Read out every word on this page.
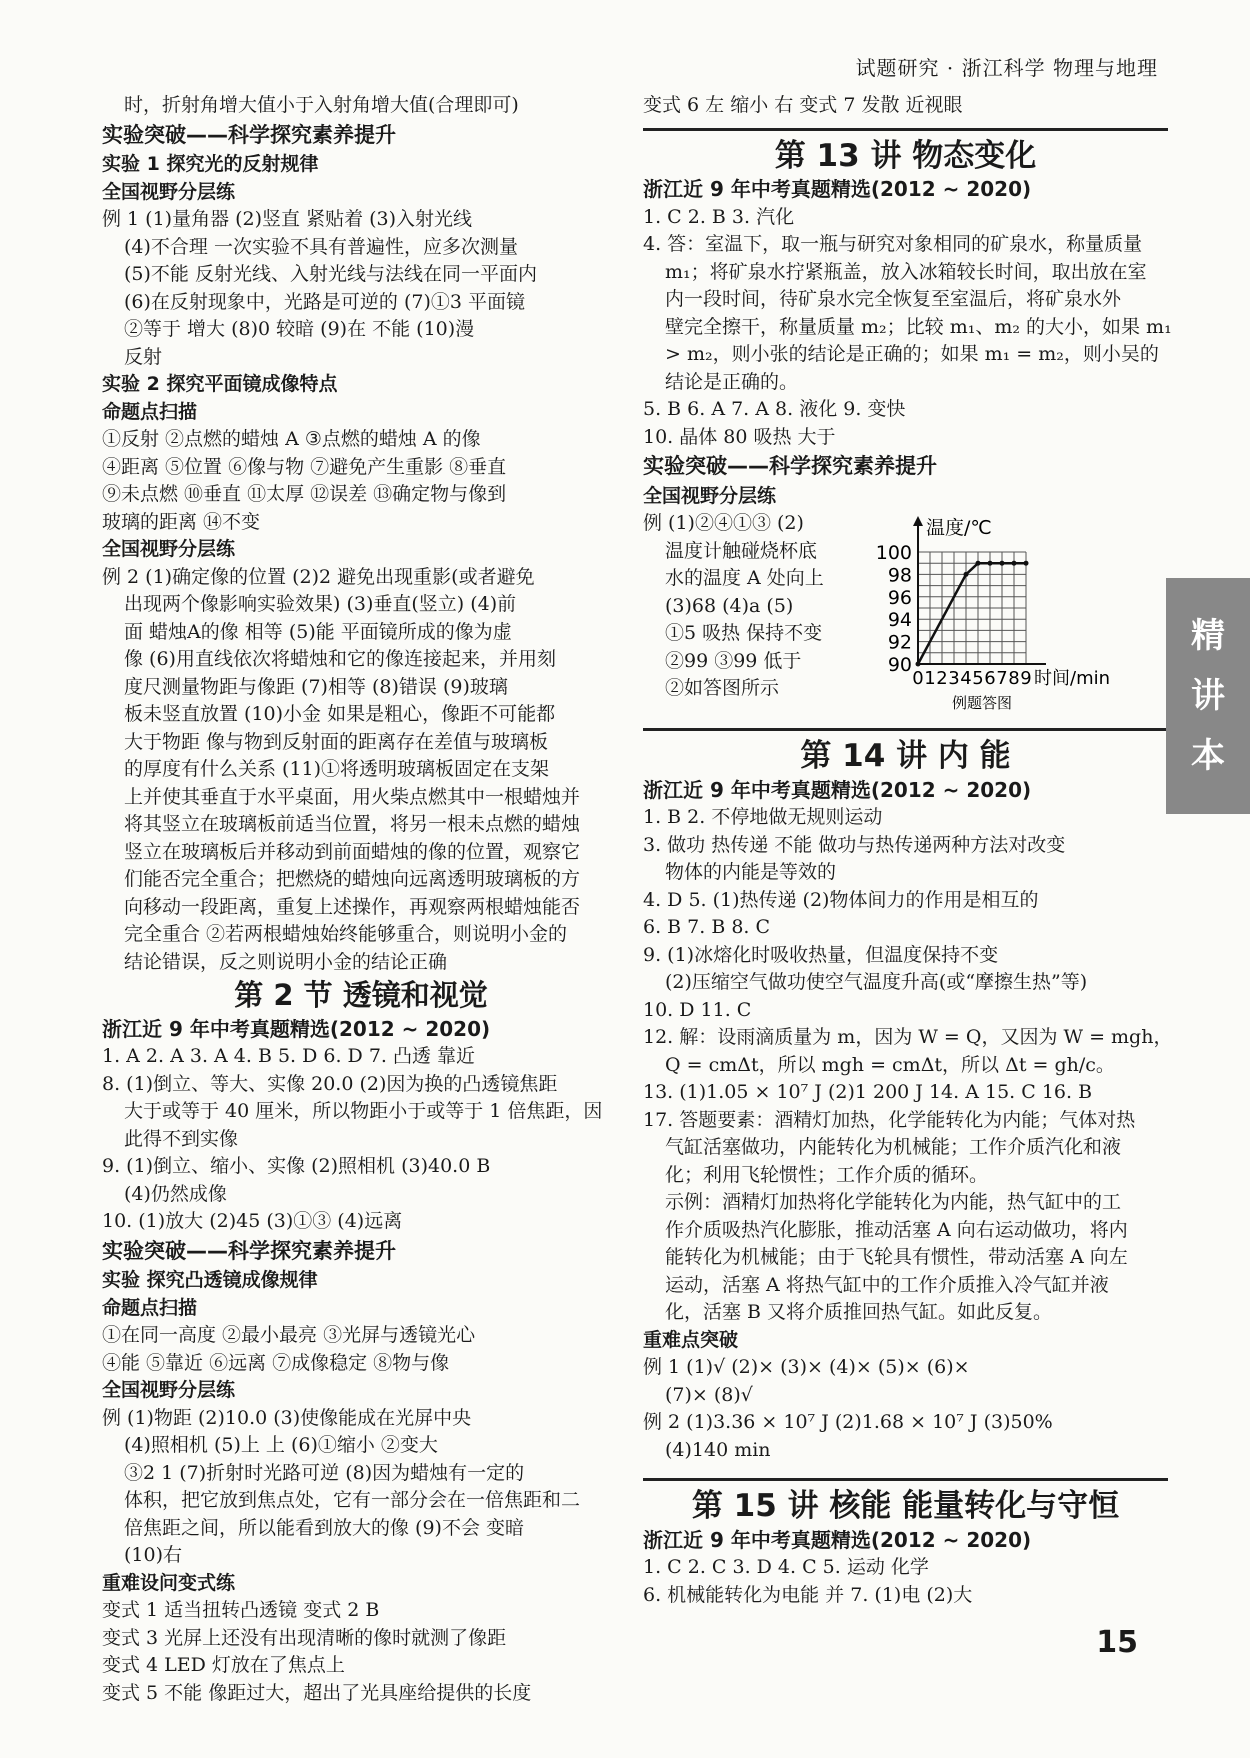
试题研究 · 浙江科学 物理与地理
时，折射角增大值小于入射角增大值(合理即可)
实验突破——科学探究素养提升
实验 1 探究光的反射规律
全国视野分层练
例 1 (1)量角器 (2)竖直 紧贴着 (3)入射光线
(4)不合理 一次实验不具有普遍性，应多次测量
(5)不能 反射光线、入射光线与法线在同一平面内
(6)在反射现象中，光路是可逆的 (7)①3 平面镜
②等于 增大 (8)0 较暗 (9)在 不能 (10)漫
反射
实验 2 探究平面镜成像特点
命题点扫描
①反射 ②点燃的蜡烛 A ③点燃的蜡烛 A 的像
④距离 ⑤位置 ⑥像与物 ⑦避免产生重影 ⑧垂直
⑨未点燃 ⑩垂直 ⑪太厚 ⑫误差 ⑬确定物与像到
玻璃的距离 ⑭不变
全国视野分层练
例 2 (1)确定像的位置 (2)2 避免出现重影(或者避免
出现两个像影响实验效果) (3)垂直(竖立) (4)前
面 蜡烛A的像 相等 (5)能 平面镜所成的像为虚
像 (6)用直线依次将蜡烛和它的像连接起来，并用刻
度尺测量物距与像距 (7)相等 (8)错误 (9)玻璃
板未竖直放置 (10)小金 如果是粗心，像距不可能都
大于物距 像与物到反射面的距离存在差值与玻璃板
的厚度有什么关系 (11)①将透明玻璃板固定在支架
上并使其垂直于水平桌面，用火柴点燃其中一根蜡烛并
将其竖立在玻璃板前适当位置，将另一根未点燃的蜡烛
竖立在玻璃板后并移动到前面蜡烛的像的位置，观察它
们能否完全重合；把燃烧的蜡烛向远离透明玻璃板的方
向移动一段距离，重复上述操作，再观察两根蜡烛能否
完全重合 ②若两根蜡烛始终能够重合，则说明小金的
结论错误，反之则说明小金的结论正确
第 2 节 透镜和视觉
浙江近 9 年中考真题精选(2012 ~ 2020)
1. A 2. A 3. A 4. B 5. D 6. D 7. 凸透 靠近
8. (1)倒立、等大、实像 20.0 (2)因为换的凸透镜焦距
大于或等于 40 厘米，所以物距小于或等于 1 倍焦距，因
此得不到实像
9. (1)倒立、缩小、实像 (2)照相机 (3)40.0 B
(4)仍然成像
10. (1)放大 (2)45 (3)①③ (4)远离
实验突破——科学探究素养提升
实验 探究凸透镜成像规律
命题点扫描
①在同一高度 ②最小最亮 ③光屏与透镜光心
④能 ⑤靠近 ⑥远离 ⑦成像稳定 ⑧物与像
全国视野分层练
例 (1)物距 (2)10.0 (3)使像能成在光屏中央
(4)照相机 (5)上 上 (6)①缩小 ②变大
③2 1 (7)折射时光路可逆 (8)因为蜡烛有一定的
体积，把它放到焦点处，它有一部分会在一倍焦距和二
倍焦距之间，所以能看到放大的像 (9)不会 变暗
(10)右
重难设问变式练
变式 1 适当扭转凸透镜 变式 2 B
变式 3 光屏上还没有出现清晰的像时就测了像距
变式 4 LED 灯放在了焦点上
变式 5 不能 像距过大，超出了光具座给提供的长度
变式 6 左 缩小 右 变式 7 发散 近视眼
第 13 讲 物态变化
浙江近 9 年中考真题精选(2012 ~ 2020)
1. C 2. B 3. 汽化
4. 答：室温下，取一瓶与研究对象相同的矿泉水，称量质量
m₁；将矿泉水拧紧瓶盖，放入冰箱较长时间，取出放在室
内一段时间，待矿泉水完全恢复至室温后，将矿泉水外
壁完全擦干，称量质量 m₂；比较 m₁、m₂ 的大小，如果 m₁
> m₂，则小张的结论是正确的；如果 m₁ = m₂，则小吴的
结论是正确的。
5. B 6. A 7. A 8. 液化 9. 变快
10. 晶体 80 吸热 大于
实验突破——科学探究素养提升
全国视野分层练
例 (1)②④①③ (2)
温度计触碰烧杯底
水的温度 A 处向上
(3)68 (4)a (5)
①5 吸热 保持不变
②99 ③99 低于
②如答图所示
90
92
94
96
98
100
0 1 2 3 4 5 6 7 8 9
温度/℃
时间/min
例题答图
第 14 讲 内 能
浙江近 9 年中考真题精选(2012 ~ 2020)
1. B 2. 不停地做无规则运动
3. 做功 热传递 不能 做功与热传递两种方法对改变
物体的内能是等效的
4. D 5. (1)热传递 (2)物体间力的作用是相互的
6. B 7. B 8. C
9. (1)冰熔化时吸收热量，但温度保持不变
(2)压缩空气做功使空气温度升高(或“摩擦生热”等)
10. D 11. C
12. 解：设雨滴质量为 m，因为 W = Q，又因为 W = mgh，
Q = cmΔt，所以 mgh = cmΔt，所以 Δt = gh/c。
13. (1)1.05 × 10⁷ J (2)1 200 J 14. A 15. C 16. B
17. 答题要素：酒精灯加热，化学能转化为内能；气体对热
气缸活塞做功，内能转化为机械能；工作介质汽化和液
化；利用飞轮惯性；工作介质的循环。
示例：酒精灯加热将化学能转化为内能，热气缸中的工
作介质吸热汽化膨胀，推动活塞 A 向右运动做功，将内
能转化为机械能；由于飞轮具有惯性，带动活塞 A 向左
运动，活塞 A 将热气缸中的工作介质推入冷气缸并液
化，活塞 B 又将介质推回热气缸。如此反复。
重难点突破
例 1 (1)√ (2)× (3)× (4)× (5)× (6)×
(7)× (8)√
例 2 (1)3.36 × 10⁷ J (2)1.68 × 10⁷ J (3)50%
(4)140 min
第 15 讲 核能 能量转化与守恒
浙江近 9 年中考真题精选(2012 ~ 2020)
1. C 2. C 3. D 4. C 5. 运动 化学
6. 机械能转化为电能 并 7. (1)电 (2)大
精
讲
本
15
